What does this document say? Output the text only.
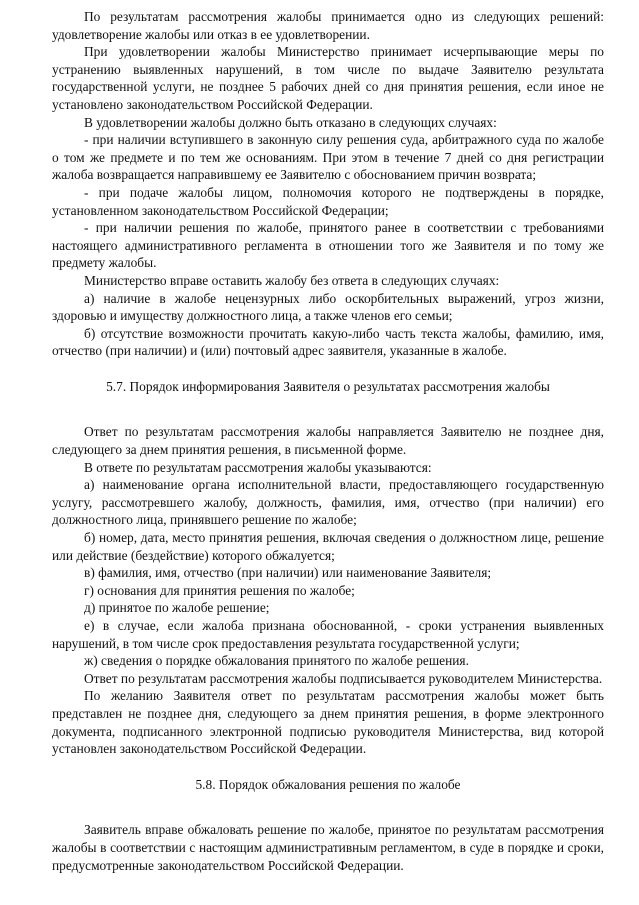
По результатам рассмотрения жалобы принимается одно из следующих решений: удовлетворение жалобы или отказ в ее удовлетворении.

При удовлетворении жалобы Министерство принимает исчерпывающие меры по устранению выявленных нарушений, в том числе по выдаче Заявителю результата государственной услуги, не позднее 5 рабочих дней со дня принятия решения, если иное не установлено законодательством Российской Федерации.

В удовлетворении жалобы должно быть отказано в следующих случаях:

- при наличии вступившего в законную силу решения суда, арбитражного суда по жалобе о том же предмете и по тем же основаниям. При этом в течение 7 дней со дня регистрации жалоба возвращается направившему ее Заявителю с обоснованием причин возврата;

- при подаче жалобы лицом, полномочия которого не подтверждены в порядке, установленном законодательством Российской Федерации;

- при наличии решения по жалобе, принятого ранее в соответствии с требованиями настоящего административного регламента в отношении того же Заявителя и по тому же предмету жалобы.

Министерство вправе оставить жалобу без ответа в следующих случаях:

а) наличие в жалобе нецензурных либо оскорбительных выражений, угроз жизни, здоровью и имуществу должностного лица, а также членов его семьи;

б) отсутствие возможности прочитать какую-либо часть текста жалобы, фамилию, имя, отчество (при наличии) и (или) почтовый адрес заявителя, указанные в жалобе.

5.7. Порядок информирования Заявителя о результатах рассмотрения жалобы

Ответ по результатам рассмотрения жалобы направляется Заявителю не позднее дня, следующего за днем принятия решения, в письменной форме.

В ответе по результатам рассмотрения жалобы указываются:

а) наименование органа исполнительной власти, предоставляющего государственную услугу, рассмотревшего жалобу, должность, фамилия, имя, отчество (при наличии) его должностного лица, принявшего решение по жалобе;

б) номер, дата, место принятия решения, включая сведения о должностном лице, решение или действие (бездействие) которого обжалуется;

в) фамилия, имя, отчество (при наличии) или наименование Заявителя;

г) основания для принятия решения по жалобе;

д) принятое по жалобе решение;

е) в случае, если жалоба признана обоснованной, - сроки устранения выявленных нарушений, в том числе срок предоставления результата государственной услуги;

ж) сведения о порядке обжалования принятого по жалобе решения.

Ответ по результатам рассмотрения жалобы подписывается руководителем Министерства.

По желанию Заявителя ответ по результатам рассмотрения жалобы может быть представлен не позднее дня, следующего за днем принятия решения, в форме электронного документа, подписанного электронной подписью руководителя Министерства, вид которой установлен законодательством Российской Федерации.

5.8. Порядок обжалования решения по жалобе

Заявитель вправе обжаловать решение по жалобе, принятое по результатам рассмотрения жалобы в соответствии с настоящим административным регламентом, в суде в порядке и сроки, предусмотренные законодательством Российской Федерации.
